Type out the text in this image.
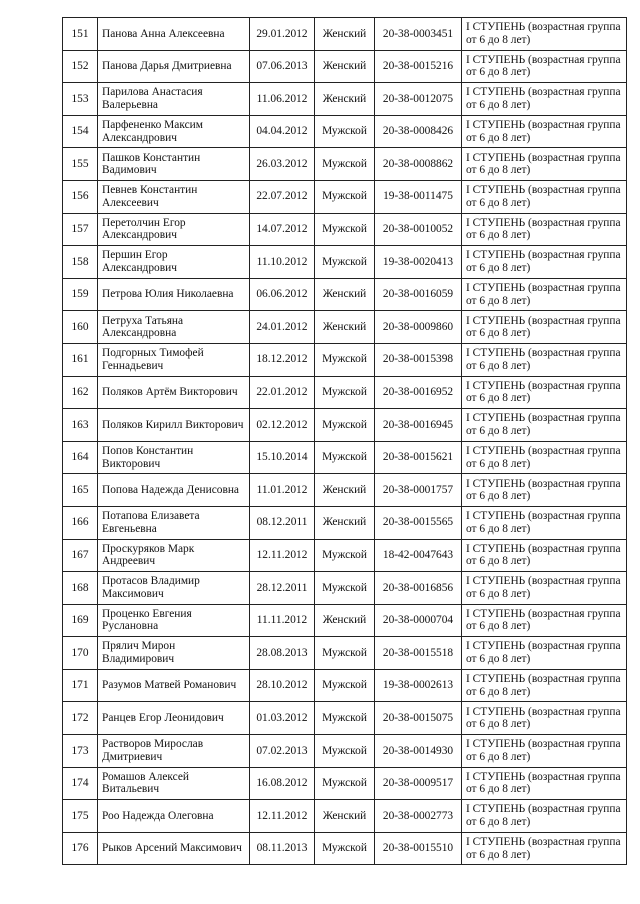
151	Панова Анна Алексеевна	29.01.2012	Женский	20-38-0003451	I СТУПЕНЬ (возрастная группа от 6 до 8 лет)
152	Панова Дарья Дмитриевна	07.06.2013	Женский	20-38-0015216	I СТУПЕНЬ (возрастная группа от 6 до 8 лет)
153	Парилова Анастасия Валерьевна	11.06.2012	Женский	20-38-0012075	I СТУПЕНЬ (возрастная группа от 6 до 8 лет)
154	Парфененко Максим Александрович	04.04.2012	Мужской	20-38-0008426	I СТУПЕНЬ (возрастная группа от 6 до 8 лет)
155	Пашков Константин Вадимович	26.03.2012	Мужской	20-38-0008862	I СТУПЕНЬ (возрастная группа от 6 до 8 лет)
156	Певнев Константин Алексеевич	22.07.2012	Мужской	19-38-0011475	I СТУПЕНЬ (возрастная группа от 6 до 8 лет)
157	Перетолчин Егор Александрович	14.07.2012	Мужской	20-38-0010052	I СТУПЕНЬ (возрастная группа от 6 до 8 лет)
158	Першин Егор Александрович	11.10.2012	Мужской	19-38-0020413	I СТУПЕНЬ (возрастная группа от 6 до 8 лет)
159	Петрова Юлия Николаевна	06.06.2012	Женский	20-38-0016059	I СТУПЕНЬ (возрастная группа от 6 до 8 лет)
160	Петруха Татьяна Александровна	24.01.2012	Женский	20-38-0009860	I СТУПЕНЬ (возрастная группа от 6 до 8 лет)
161	Подгорных Тимофей Геннадьевич	18.12.2012	Мужской	20-38-0015398	I СТУПЕНЬ (возрастная группа от 6 до 8 лет)
162	Поляков Артём Викторович	22.01.2012	Мужской	20-38-0016952	I СТУПЕНЬ (возрастная группа от 6 до 8 лет)
163	Поляков Кирилл Викторович	02.12.2012	Мужской	20-38-0016945	I СТУПЕНЬ (возрастная группа от 6 до 8 лет)
164	Попов Константин Викторович	15.10.2014	Мужской	20-38-0015621	I СТУПЕНЬ (возрастная группа от 6 до 8 лет)
165	Попова Надежда Денисовна	11.01.2012	Женский	20-38-0001757	I СТУПЕНЬ (возрастная группа от 6 до 8 лет)
166	Потапова Елизавета Евгеньевна	08.12.2011	Женский	20-38-0015565	I СТУПЕНЬ (возрастная группа от 6 до 8 лет)
167	Проскуряков Марк Андреевич	12.11.2012	Мужской	18-42-0047643	I СТУПЕНЬ (возрастная группа от 6 до 8 лет)
168	Протасов Владимир Максимович	28.12.2011	Мужской	20-38-0016856	I СТУПЕНЬ (возрастная группа от 6 до 8 лет)
169	Проценко Евгения Руслановна	11.11.2012	Женский	20-38-0000704	I СТУПЕНЬ (возрастная группа от 6 до 8 лет)
170	Прялич Мирон Владимирович	28.08.2013	Мужской	20-38-0015518	I СТУПЕНЬ (возрастная группа от 6 до 8 лет)
171	Разумов Матвей Романович	28.10.2012	Мужской	19-38-0002613	I СТУПЕНЬ (возрастная группа от 6 до 8 лет)
172	Ранцев Егор Леонидович	01.03.2012	Мужской	20-38-0015075	I СТУПЕНЬ (возрастная группа от 6 до 8 лет)
173	Растворов Мирослав Дмитриевич	07.02.2013	Мужской	20-38-0014930	I СТУПЕНЬ (возрастная группа от 6 до 8 лет)
174	Ромашов Алексей Витальевич	16.08.2012	Мужской	20-38-0009517	I СТУПЕНЬ (возрастная группа от 6 до 8 лет)
175	Роо Надежда Олеговна	12.11.2012	Женский	20-38-0002773	I СТУПЕНЬ (возрастная группа от 6 до 8 лет)
176	Рыков Арсений Максимович	08.11.2013	Мужской	20-38-0015510	I СТУПЕНЬ (возрастная группа от 6 до 8 лет)
